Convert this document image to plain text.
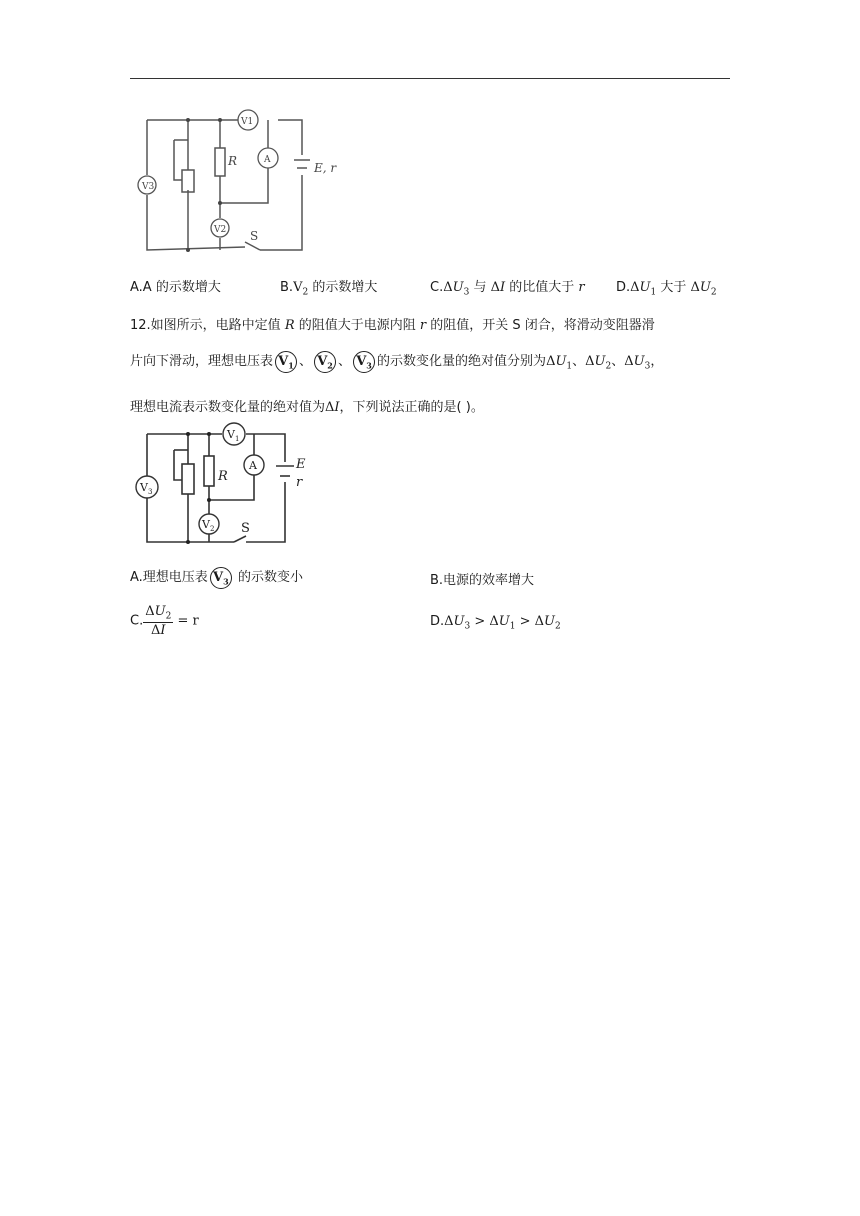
V3
V1
A
V2
R	E, r
S
A.A 的示数增大	$B.V_2$ 的示数增大	$C.\Delta U_3$ 与 ΔI 的比值大于 r $D.\Delta U_1$ 大于 $\Delta U_2$
12.如图所示，电路中定值 R 的阻值大于电源内阻 r 的阻值，开关 S 闭合，将滑动变阻器滑
片向下滑动，理想电压表 $V_1$ 、 $V_2$ 、 $V_3$ 的示数变化量的绝对值分别为$\Delta U_1$、$\Delta U_2$、$\Delta U_3$，
理想电流表示数变化量的绝对值为ΔI，下列说法正确的是( )。
$V_3$
$V_1$
A
$V_2$ S
R
E
r
A.理想电压表 $V_3$ 的示数变小	B.电源的效率增大
C. $\frac{\Delta U_2}{\Delta I} = r$	$D.\Delta U_3 > \Delta U_1 > \Delta U_2$
